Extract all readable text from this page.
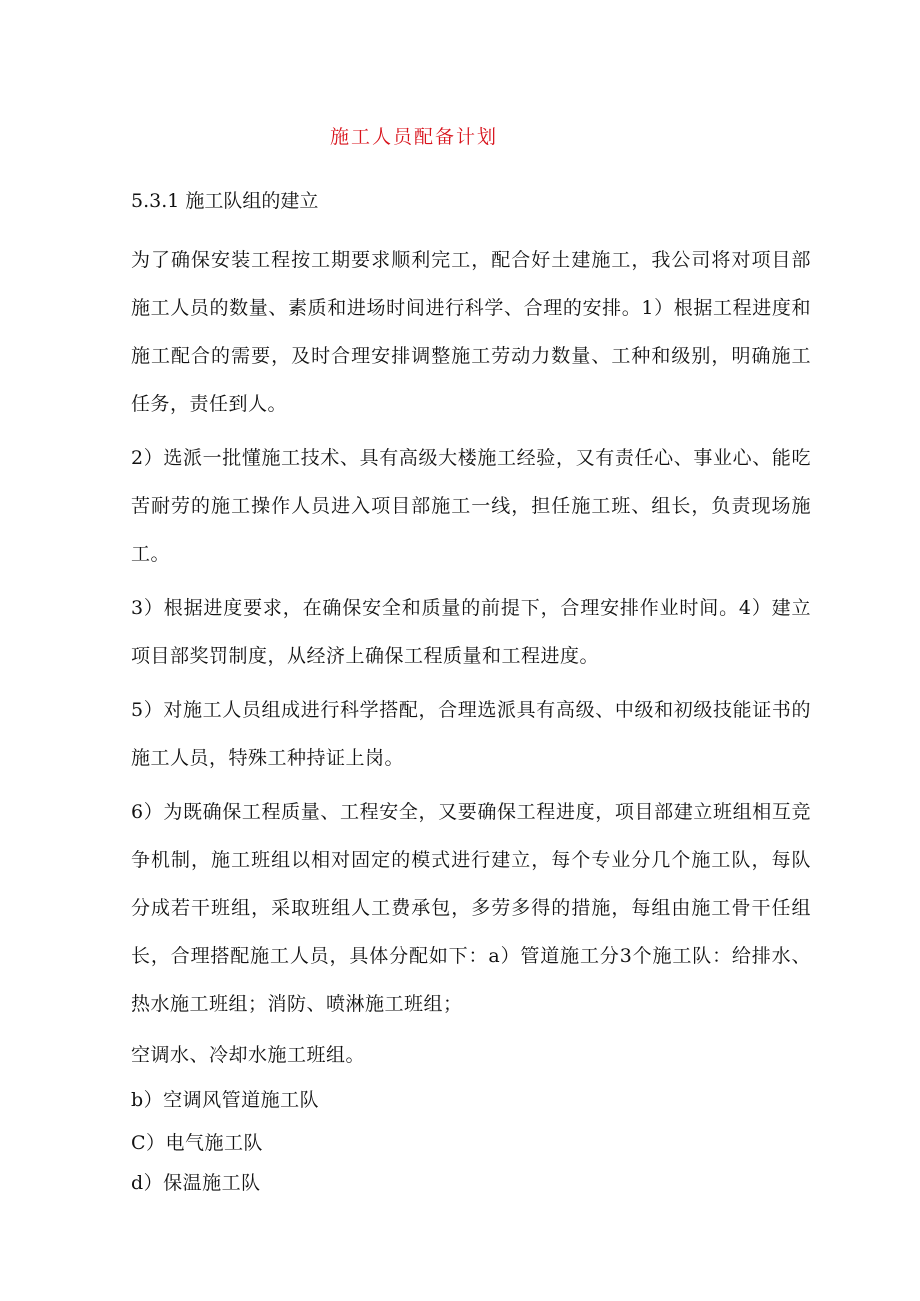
施工人员配备计划
5.3.1 施工队组的建立

为了确保安装工程按工期要求顺利完工，配合好土建施工，我公司将对项目部施工人员的数量、素质和进场时间进行科学、合理的安排。1）根据工程进度和施工配合的需要，及时合理安排调整施工劳动力数量、工种和级别，明确施工任务，责任到人。

2）选派一批懂施工技术、具有高级大楼施工经验，又有责任心、事业心、能吃苦耐劳的施工操作人员进入项目部施工一线，担任施工班、组长，负责现场施工。

3）根据进度要求，在确保安全和质量的前提下，合理安排作业时间。4）建立项目部奖罚制度，从经济上确保工程质量和工程进度。

5）对施工人员组成进行科学搭配，合理选派具有高级、中级和初级技能证书的施工人员，特殊工种持证上岗。

6）为既确保工程质量、工程安全，又要确保工程进度，项目部建立班组相互竞争机制，施工班组以相对固定的模式进行建立，每个专业分几个施工队，每队分成若干班组，采取班组人工费承包，多劳多得的措施，每组由施工骨干任组长，合理搭配施工人员，具体分配如下：a）管道施工分3个施工队：给排水、热水施工班组；消防、喷淋施工班组；

空调水、冷却水施工班组。

b）空调风管道施工队

C）电气施工队

d）保温施工队
